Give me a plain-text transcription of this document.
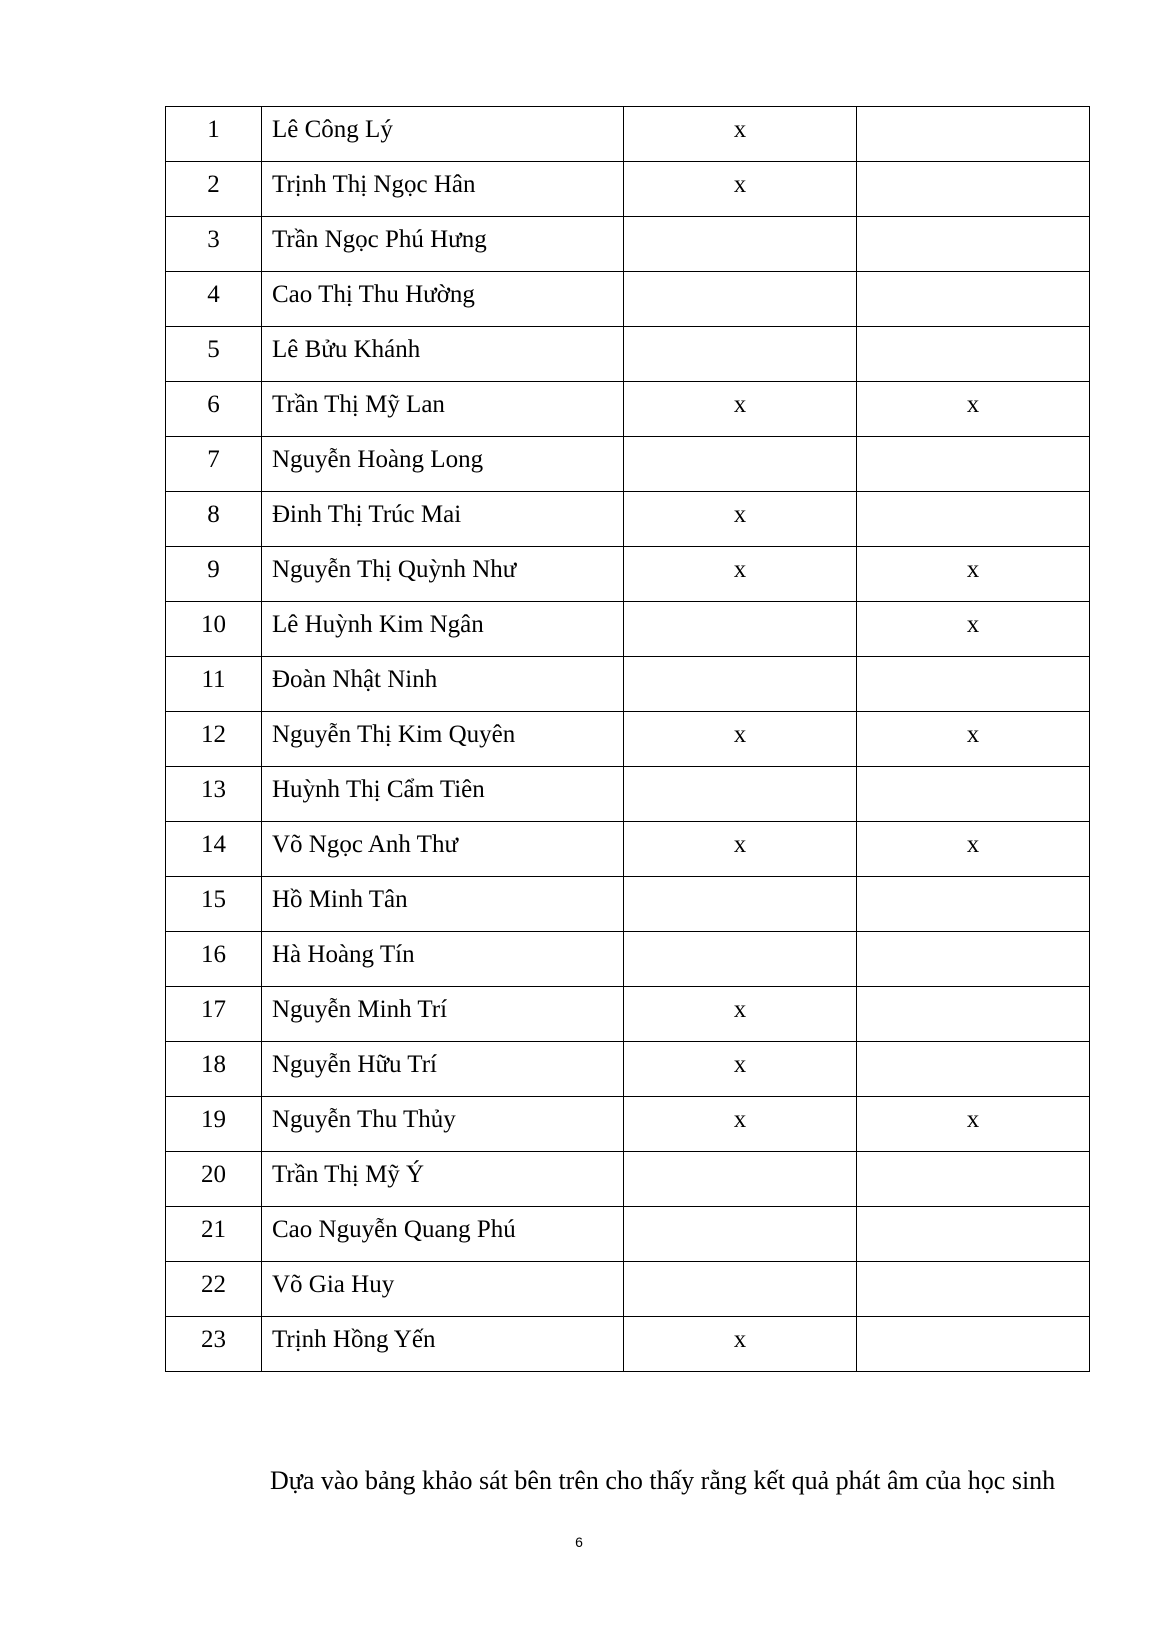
1	Lê Công Lý	x	

2	Trịnh Thị Ngọc Hân	x	

3	Trần Ngọc Phú Hưng		

4	Cao Thị Thu Hường		

5	Lê Bửu Khánh		

6	Trần Thị Mỹ Lan	x	x

7	Nguyễn Hoàng Long		

8	Đinh Thị Trúc Mai	x	

9	Nguyễn Thị Quỳnh Như	x	x

10	Lê Huỳnh Kim Ngân		x

11	Đoàn Nhật Ninh		

12	Nguyễn Thị Kim Quyên	x	x

13	Huỳnh Thị Cẩm Tiên		

14	Võ Ngọc Anh Thư	x	x

15	Hồ Minh Tân		

16	Hà Hoàng Tín		

17	Nguyễn Minh Trí	x	

18	Nguyễn Hữu Trí	x	

19	Nguyễn Thu Thủy	x	x

20	Trần Thị Mỹ Ý		

21	Cao Nguyễn Quang Phú		

22	Võ Gia Huy		

23	Trịnh Hồng Yến	x	

Dựa vào bảng khảo sát bên trên cho thấy rằng kết quả phát âm của học sinh

6
